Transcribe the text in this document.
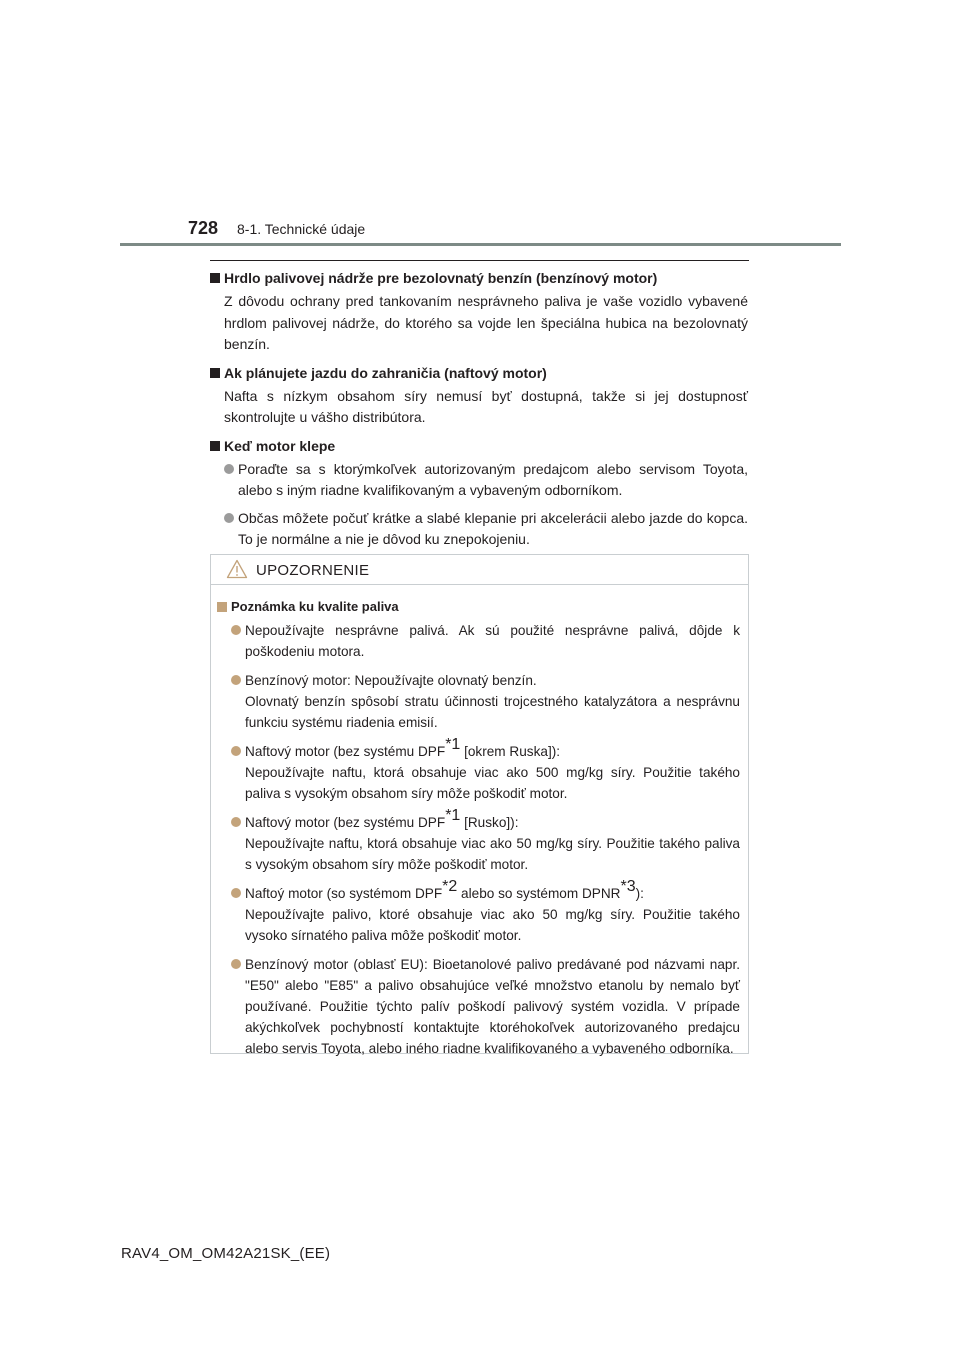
728 8-1. Technické údaje
Hrdlo palivovej nádrže pre bezolovnatý benzín (benzínový motor)
Z dôvodu ochrany pred tankovaním nesprávneho paliva je vaše vozidlo vybavené hrdlom palivovej nádrže, do ktorého sa vojde len špeciálna hubica na bezolovnatý benzín.
Ak plánujete jazdu do zahraničia (naftový motor)
Nafta s nízkym obsahom síry nemusí byť dostupná, takže si jej dostupnosť skontrolujte u vášho distribútora.
Keď motor klepe
Poraďte sa s ktorýmkoľvek autorizovaným predajcom alebo servisom Toyota, alebo s iným riadne kvalifikovaným a vybaveným odborníkom.
Občas môžete počuť krátke a slabé klepanie pri akcelerácii alebo jazde do kopca. To je normálne a nie je dôvod ku znepokojeniu.
UPOZORNENIE
Poznámka ku kvalite paliva
Nepoužívajte nesprávne palivá. Ak sú použité nesprávne palivá, dôjde k poškodeniu motora.
Benzínový motor: Nepoužívajte olovnatý benzín.
Olovnatý benzín spôsobí stratu účinnosti trojcestného katalyzátora a nesprávnu funkciu systému riadenia emisií.
Naftový motor (bez systému DPF$^{*1}$ [okrem Ruska]):
Nepoužívajte naftu, ktorá obsahuje viac ako 500 mg/kg síry. Použitie takého paliva s vysokým obsahom síry môže poškodiť motor.
Naftový motor (bez systému DPF$^{*1}$ [Rusko]):
Nepoužívajte naftu, ktorá obsahuje viac ako 50 mg/kg síry. Použitie takého paliva s vysokým obsahom síry môže poškodiť motor.
Naftoý motor (so systémom DPF$^{*2}$ alebo so systémom DPNR$^{*3}$):
Nepoužívajte palivo, ktoré obsahuje viac ako 50 mg/kg síry. Použitie takého vysoko sírnatého paliva môže poškodiť motor.
Benzínový motor (oblasť EU): Bioetanolové palivo predávané pod názvami napr. "E50" alebo "E85" a palivo obsahujúce veľké množstvo etanolu by nemalo byť používané. Použitie týchto palív poškodí palivový systém vozidla. V prípade akýchkoľvek pochybností kontaktujte ktoréhokoľvek autorizovaného predajcu alebo servis Toyota, alebo iného riadne kvalifikovaného a vybaveného odborníka.
RAV4_OM_OM42A21SK_(EE)
